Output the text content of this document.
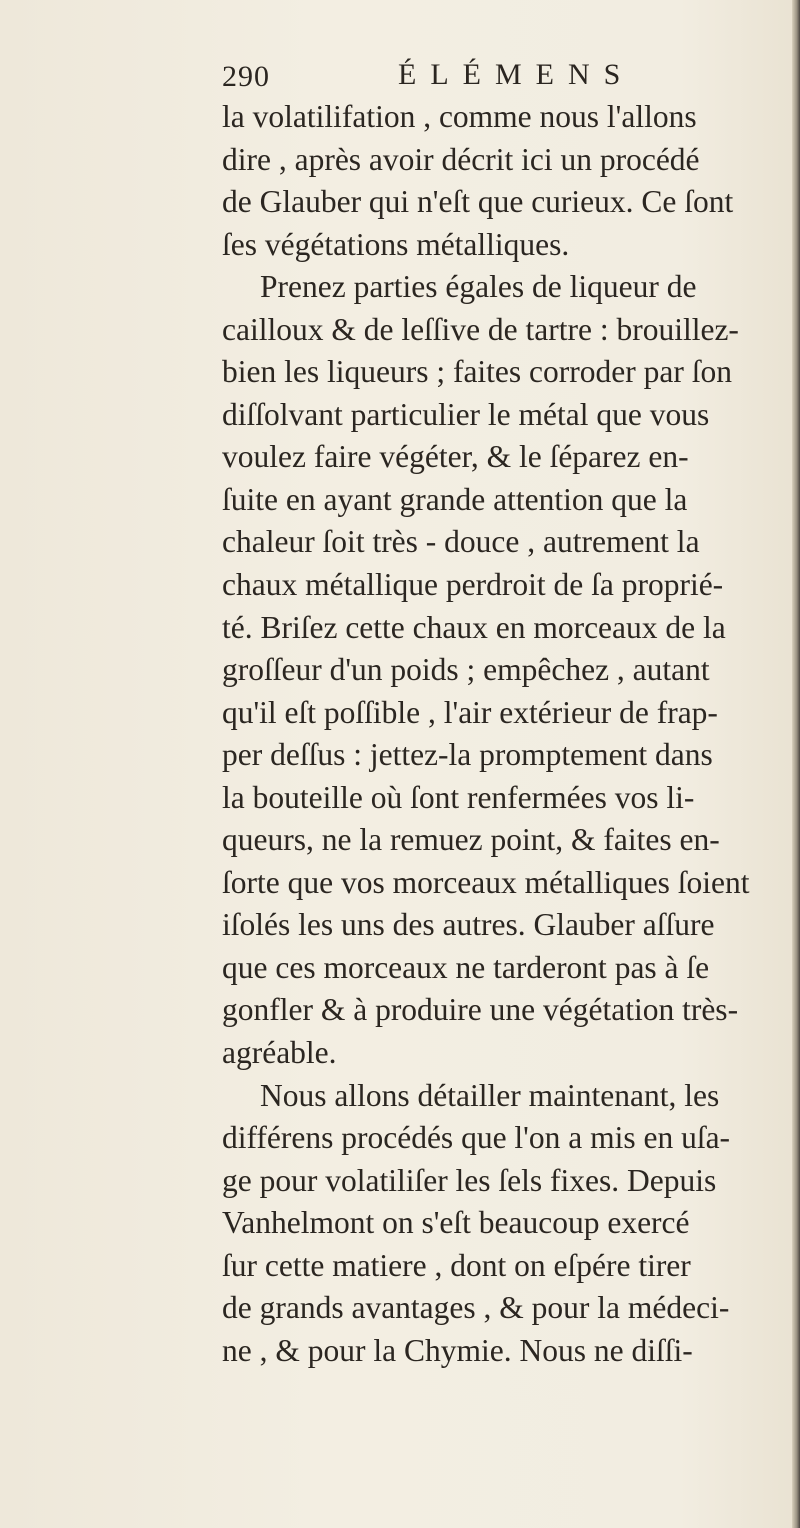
290	ÉLÉMENS
la volatilifation , comme nous l'allons
dire , après avoir décrit ici un procédé
de Glauber qui n'eſt que curieux. Ce ſont
ſes végétations métalliques.
Prenez parties égales de liqueur de
cailloux & de leſſive de tartre : brouillez-
bien les liqueurs ; faites corroder par ſon
diſſolvant particulier le métal que vous
voulez faire végéter, & le ſéparez en-
ſuite en ayant grande attention que la
chaleur ſoit très - douce , autrement la
chaux métallique perdroit de ſa proprié-
té. Briſez cette chaux en morceaux de la
groſſeur d'un poids ; empêchez , autant
qu'il eſt poſſible , l'air extérieur de frap-
per deſſus : jettez-la promptement dans
la bouteille où ſont renfermées vos li-
queurs, ne la remuez point, & faites en-
ſorte que vos morceaux métalliques ſoient
iſolés les uns des autres. Glauber aſſure
que ces morceaux ne tarderont pas à ſe
gonfler & à produire une végétation très-
agréable.
Nous allons détailler maintenant, les
différens procédés que l'on a mis en uſa-
ge pour volatiliſer les ſels fixes. Depuis
Vanhelmont on s'eſt beaucoup exercé
ſur cette matiere , dont on eſpére tirer
de grands avantages , & pour la médeci-
ne , & pour la Chymie. Nous ne diſſi-
